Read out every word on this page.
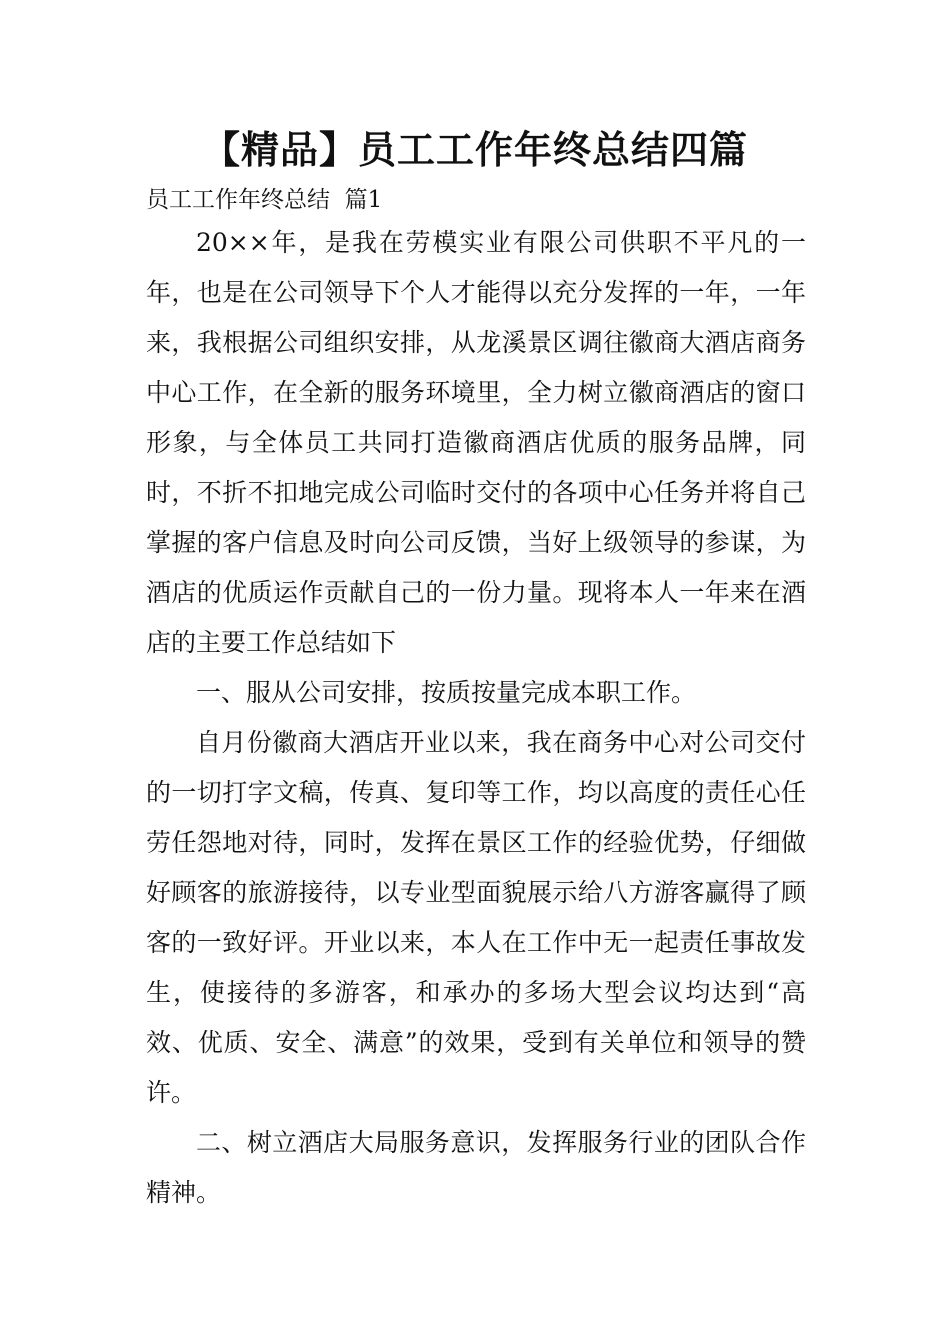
【精品】员工工作年终总结四篇
员工工作年终总结  篇1

20××年，是我在劳模实业有限公司供职不平凡的一年，也是在公司领导下个人才能得以充分发挥的一年，一年来，我根据公司组织安排，从龙溪景区调往徽商大酒店商务中心工作，在全新的服务环境里，全力树立徽商酒店的窗口形象，与全体员工共同打造徽商酒店优质的服务品牌，同时，不折不扣地完成公司临时交付的各项中心任务并将自己掌握的客户信息及时向公司反馈，当好上级领导的参谋，为酒店的优质运作贡献自己的一份力量。现将本人一年来在酒店的主要工作总结如下

一、服从公司安排，按质按量完成本职工作。

自月份徽商大酒店开业以来，我在商务中心对公司交付的一切打字文稿，传真、复印等工作，均以高度的责任心任劳任怨地对待，同时，发挥在景区工作的经验优势，仔细做好顾客的旅游接待，以专业型面貌展示给八方游客赢得了顾客的一致好评。开业以来，本人在工作中无一起责任事故发生，使接待的多游客，和承办的多场大型会议均达到“高效、优质、安全、满意”的效果，受到有关单位和领导的赞许。

二、树立酒店大局服务意识，发挥服务行业的团队合作精神。
